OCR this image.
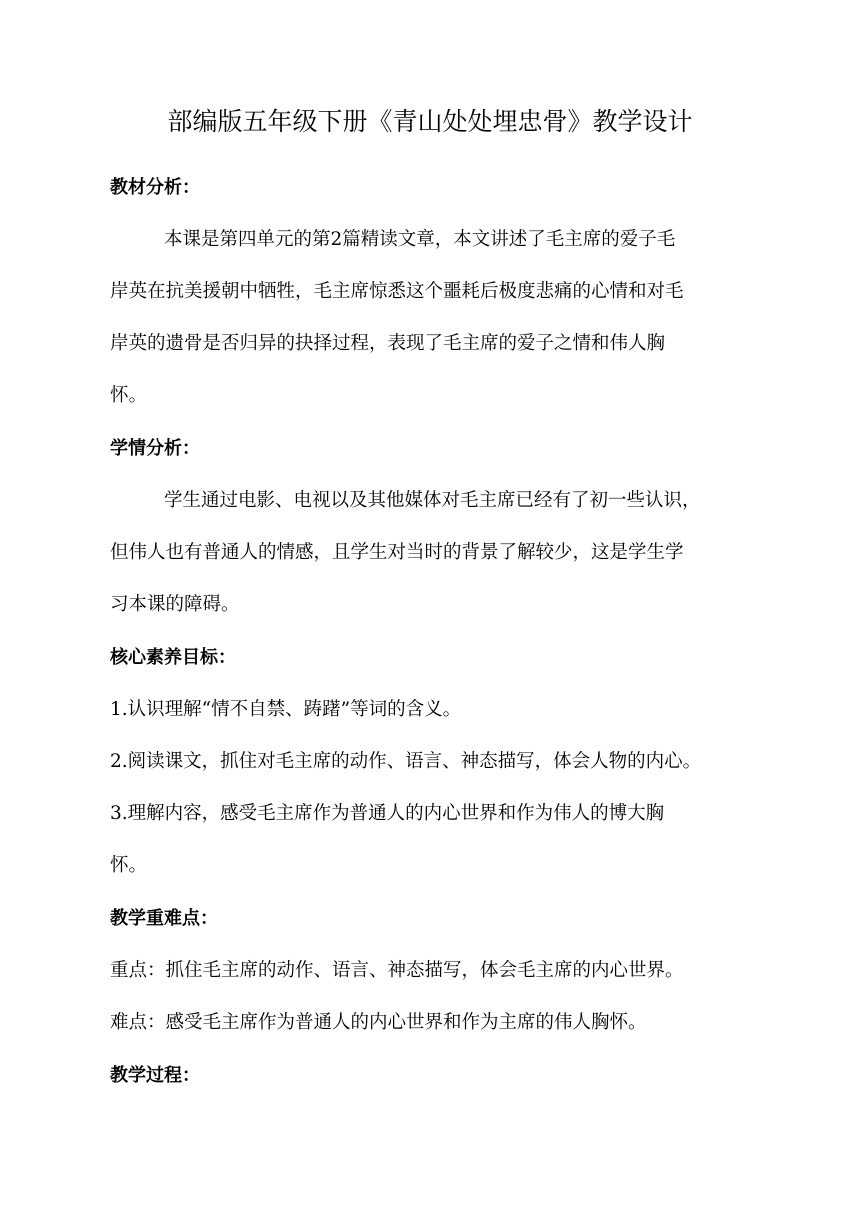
部编版五年级下册《青山处处埋忠骨》教学设计
教材分析：
本课是第四单元的第2篇精读文章，本文讲述了毛主席的爱子毛
岸英在抗美援朝中牺牲，毛主席惊悉这个噩耗后极度悲痛的心情和对毛
岸英的遗骨是否归异的抉择过程，表现了毛主席的爱子之情和伟人胸
怀。
学情分析：
学生通过电影、电视以及其他媒体对毛主席已经有了初一些认识，
但伟人也有普通人的情感，且学生对当时的背景了解较少，这是学生学
习本课的障碍。
核心素养目标：
1.认识理解“情不自禁、踌躇”等词的含义。
2.阅读课文，抓住对毛主席的动作、语言、神态描写，体会人物的内心。
3.理解内容，感受毛主席作为普通人的内心世界和作为伟人的博大胸
怀。
教学重难点：
重点：抓住毛主席的动作、语言、神态描写，体会毛主席的内心世界。
难点：感受毛主席作为普通人的内心世界和作为主席的伟人胸怀。
教学过程：
